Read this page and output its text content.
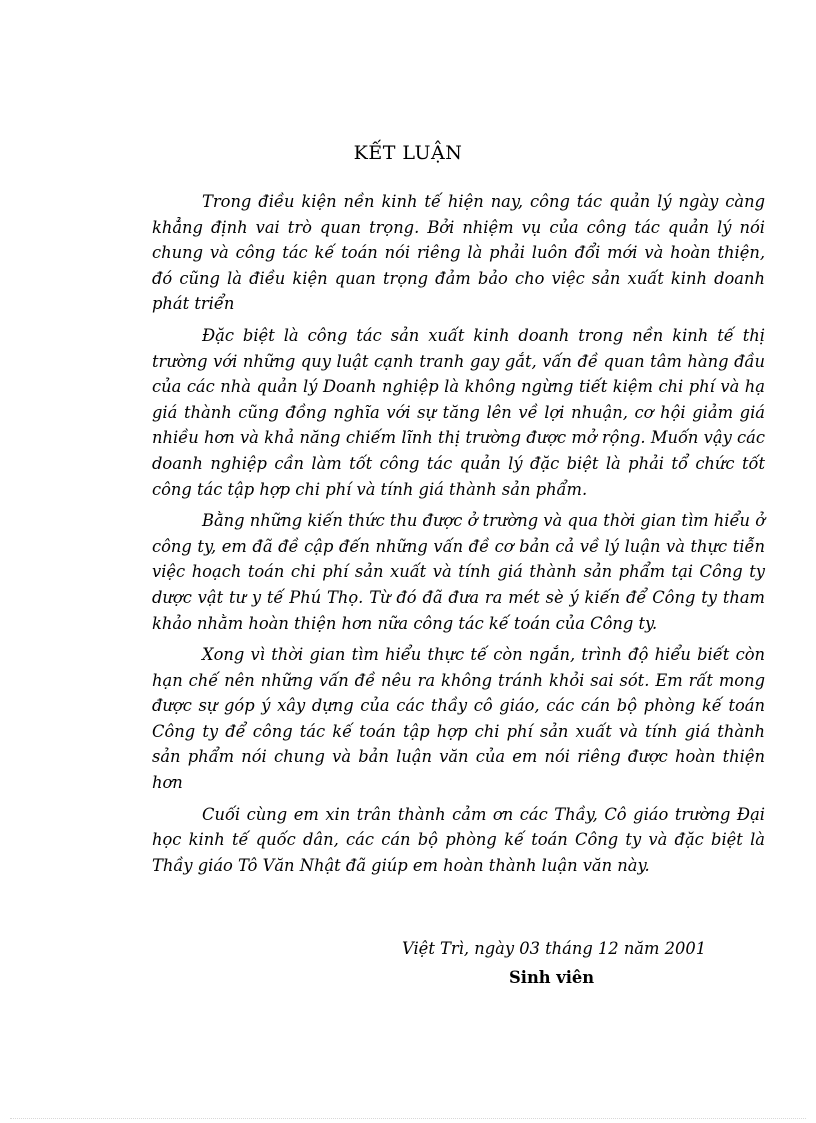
KẾT LUẬN

Trong điều kiện nền kinh tế hiện nay, công tác quản lý ngày càng khẳng định vai trò quan trọng. Bởi nhiệm vụ của công tác quản lý nói chung và công tác kế toán nói riêng là phải luôn đổi mới và hoàn thiện, đó cũng là điều kiện quan trọng đảm bảo cho việc sản xuất kinh doanh phát triển

Đặc biệt là công tác sản xuất kinh doanh trong nền kinh tế thị trường với những quy luật cạnh tranh gay gắt, vấn đề quan tâm hàng đầu của các nhà quản lý Doanh nghiệp là không ngừng tiết kiệm chi phí và hạ giá thành cũng đồng nghĩa với sự tăng lên về lợi nhuận, cơ hội giảm giá nhiều hơn và khả năng chiếm lĩnh thị trường được mở rộng. Muốn vậy các doanh nghiệp cần làm tốt công tác quản lý đặc biệt là phải tổ chức tốt công tác tập hợp chi phí và tính giá thành sản phẩm.

Bằng những kiến thức thu được ở trường và qua thời gian tìm hiểu ở công ty, em đã đề cập đến những vấn đề cơ bản cả về lý luận và thực tiễn việc hoạch toán chi phí sản xuất và tính giá thành sản phẩm tại Công ty dược vật tư y tế Phú Thọ. Từ đó đã đưa ra mét sè ý kiến để Công ty tham khảo nhằm hoàn thiện hơn nữa công tác kế toán của Công ty.

Xong vì thời gian tìm hiểu thực tế còn ngắn, trình độ hiểu biết còn hạn chế nên những vấn đề nêu ra không tránh khỏi sai sót. Em rất mong được sự góp ý xây dựng của các thầy cô giáo, các cán bộ phòng kế toán Công ty để công tác kế toán tập hợp chi phí sản xuất và tính giá thành sản phẩm nói chung và bản luận văn của em nói riêng được hoàn thiện hơn

Cuối cùng em xin trân thành cảm ơn các Thầy, Cô giáo trường Đại học kinh tế quốc dân, các cán bộ phòng kế toán Công ty và đặc biệt là Thầy giáo Tô Văn Nhật đã giúp em hoàn thành luận văn này.

Việt Trì, ngày 03 tháng 12 năm 2001
Sinh viên
